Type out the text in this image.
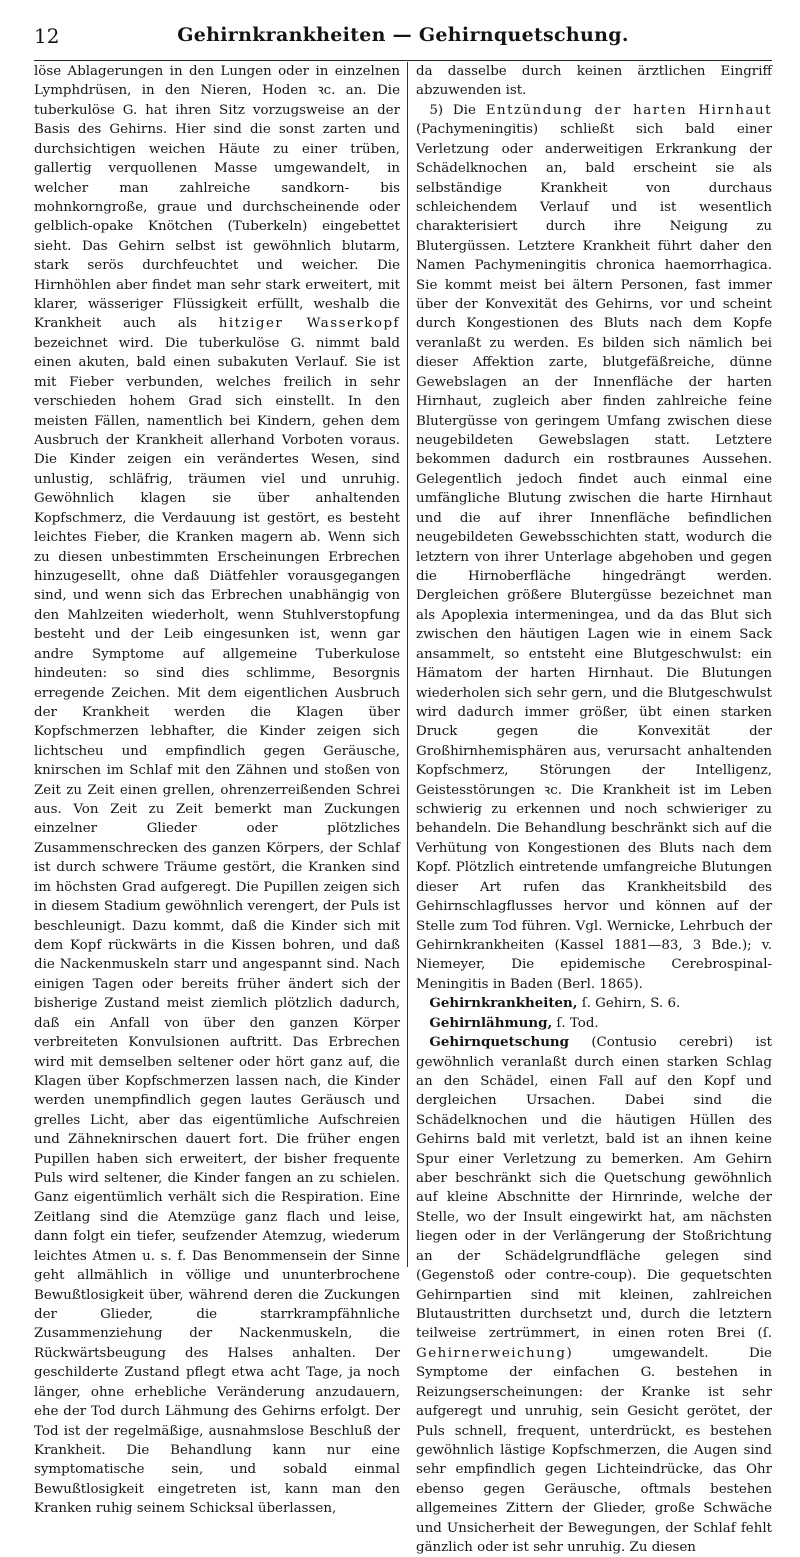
12	Gehirnkrankheiten — Gehirnquetschung.

löse Ablagerungen in den Lungen oder in einzelnen Lymphdrüsen, in den Nieren, Hoden ꝛc. an. Die tuberkulöse G. hat ihren Sitz vorzugsweise an der Basis des Gehirns. Hier sind die sonst zarten und durchsichtigen weichen Häute zu einer trüben, gallertig verquollenen Masse umgewandelt, in welcher man zahlreiche sandkorn- bis mohnkorngroße, graue und durchscheinende oder gelblich-opake Knötchen (Tuberkeln) eingebettet sieht. Das Gehirn selbst ist gewöhnlich blutarm, stark serös durchfeuchtet und weicher. Die Hirnhöhlen aber findet man sehr stark erweitert, mit klarer, wässeriger Flüssigkeit erfüllt, weshalb die Krankheit auch als hitziger Wasserkopf bezeichnet wird. Die tuberkulöse G. nimmt bald einen akuten, bald einen subakuten Verlauf. Sie ist mit Fieber verbunden, welches freilich in sehr verschieden hohem Grad sich einstellt. In den meisten Fällen, namentlich bei Kindern, gehen dem Ausbruch der Krankheit allerhand Vorboten voraus. Die Kinder zeigen ein verändertes Wesen, sind unlustig, schläfrig, träumen viel und unruhig. Gewöhnlich klagen sie über anhaltenden Kopfschmerz, die Verdauung ist gestört, es besteht leichtes Fieber, die Kranken magern ab. Wenn sich zu diesen unbestimmten Erscheinungen Erbrechen hinzugesellt, ohne daß Diätfehler vorausgegangen sind, und wenn sich das Erbrechen unabhängig von den Mahlzeiten wiederholt, wenn Stuhlverstopfung besteht und der Leib eingesunken ist, wenn gar andre Symptome auf allgemeine Tuberkulose hindeuten: so sind dies schlimme, Besorgnis erregende Zeichen. Mit dem eigentlichen Ausbruch der Krankheit werden die Klagen über Kopfschmerzen lebhafter, die Kinder zeigen sich lichtscheu und empfindlich gegen Geräusche, knirschen im Schlaf mit den Zähnen und stoßen von Zeit zu Zeit einen grellen, ohrenzerreißenden Schrei aus. Von Zeit zu Zeit bemerkt man Zuckungen einzelner Glieder oder plötzliches Zusammenschrecken des ganzen Körpers, der Schlaf ist durch schwere Träume gestört, die Kranken sind im höchsten Grad aufgeregt. Die Pupillen zeigen sich in diesem Stadium gewöhnlich verengert, der Puls ist beschleunigt. Dazu kommt, daß die Kinder sich mit dem Kopf rückwärts in die Kissen bohren, und daß die Nackenmuskeln starr und angespannt sind. Nach einigen Tagen oder bereits früher ändert sich der bisherige Zustand meist ziemlich plötzlich dadurch, daß ein Anfall von über den ganzen Körper verbreiteten Konvulsionen auftritt. Das Erbrechen wird mit demselben seltener oder hört ganz auf, die Klagen über Kopfschmerzen lassen nach, die Kinder werden unempfindlich gegen lautes Geräusch und grelles Licht, aber das eigentümliche Aufschreien und Zähneknirschen dauert fort. Die früher engen Pupillen haben sich erweitert, der bisher frequente Puls wird seltener, die Kinder fangen an zu schielen. Ganz eigentümlich verhält sich die Respiration. Eine Zeitlang sind die Atemzüge ganz flach und leise, dann folgt ein tiefer, seufzender Atemzug, wiederum leichtes Atmen u. s. f. Das Benommensein der Sinne geht allmählich in völlige und ununterbrochene Bewußtlosigkeit über, während deren die Zuckungen der Glieder, die starrkrampfähnliche Zusammenziehung der Nackenmuskeln, die Rückwärtsbeugung des Halses anhalten. Der geschilderte Zustand pflegt etwa acht Tage, ja noch länger, ohne erhebliche Veränderung anzudauern, ehe der Tod durch Lähmung des Gehirns erfolgt. Der Tod ist der regelmäßige, ausnahmslose Beschluß der Krankheit. Die Behandlung kann nur eine symptomatische sein, und sobald einmal Bewußtlosigkeit eingetreten ist, kann man den Kranken ruhig seinem Schicksal überlassen,

da dasselbe durch keinen ärztlichen Eingriff abzuwenden ist.

5) Die Entzündung der harten Hirnhaut (Pachymeningitis) schließt sich bald einer Verletzung oder anderweitigen Erkrankung der Schädelknochen an, bald erscheint sie als selbständige Krankheit von durchaus schleichendem Verlauf und ist wesentlich charakterisiert durch ihre Neigung zu Blutergüssen. Letztere Krankheit führt daher den Namen Pachymeningitis chronica haemorrhagica. Sie kommt meist bei ältern Personen, fast immer über der Konvexität des Gehirns, vor und scheint durch Kongestionen des Bluts nach dem Kopfe veranlaßt zu werden. Es bilden sich nämlich bei dieser Affektion zarte, blutgefäßreiche, dünne Gewebslagen an der Innenfläche der harten Hirnhaut, zugleich aber finden zahlreiche feine Blutergüsse von geringem Umfang zwischen diese neugebildeten Gewebslagen statt. Letztere bekommen dadurch ein rostbraunes Aussehen. Gelegentlich jedoch findet auch einmal eine umfängliche Blutung zwischen die harte Hirnhaut und die auf ihrer Innenfläche befindlichen neugebildeten Gewebsschichten statt, wodurch die letztern von ihrer Unterlage abgehoben und gegen die Hirnoberfläche hingedrängt werden. Dergleichen größere Blutergüsse bezeichnet man als Apoplexia intermeningea, und da das Blut sich zwischen den häutigen Lagen wie in einem Sack ansammelt, so entsteht eine Blutgeschwulst: ein Hämatom der harten Hirnhaut. Die Blutungen wiederholen sich sehr gern, und die Blutgeschwulst wird dadurch immer größer, übt einen starken Druck gegen die Konvexität der Großhirnhemisphären aus, verursacht anhaltenden Kopfschmerz, Störungen der Intelligenz, Geistesstörungen ꝛc. Die Krankheit ist im Leben schwierig zu erkennen und noch schwieriger zu behandeln. Die Behandlung beschränkt sich auf die Verhütung von Kongestionen des Bluts nach dem Kopf. Plötzlich eintretende umfangreiche Blutungen dieser Art rufen das Krankheitsbild des Gehirnschlagflusses hervor und können auf der Stelle zum Tod führen. Vgl. Wernicke, Lehrbuch der Gehirnkrankheiten (Kassel 1881—83, 3 Bde.); v. Niemeyer, Die epidemische Cerebrospinal-Meningitis in Baden (Berl. 1865).

Gehirnkrankheiten, ſ. Gehirn, S. 6.

Gehirnlähmung, ſ. Tod.

Gehirnquetschung (Contusio cerebri) ist gewöhnlich veranlaßt durch einen starken Schlag an den Schädel, einen Fall auf den Kopf und dergleichen Ursachen. Dabei sind die Schädelknochen und die häutigen Hüllen des Gehirns bald mit verletzt, bald ist an ihnen keine Spur einer Verletzung zu bemerken. Am Gehirn aber beschränkt sich die Quetschung gewöhnlich auf kleine Abschnitte der Hirnrinde, welche der Stelle, wo der Insult eingewirkt hat, am nächsten liegen oder in der Verlängerung der Stoßrichtung an der Schädelgrundfläche gelegen sind (Gegenstoß oder contre-coup). Die gequetschten Gehirnpartien sind mit kleinen, zahlreichen Blutaustritten durchsetzt und, durch die letztern teilweise zertrümmert, in einen roten Brei (ſ. Gehirnerweichung) umgewandelt. Die Symptome der einfachen G. bestehen in Reizungserscheinungen: der Kranke ist sehr aufgeregt und unruhig, sein Gesicht gerötet, der Puls schnell, frequent, unterdrückt, es bestehen gewöhnlich lästige Kopfschmerzen, die Augen sind sehr empfindlich gegen Lichteindrücke, das Ohr ebenso gegen Geräusche, oftmals bestehen allgemeines Zittern der Glieder, große Schwäche und Unsicherheit der Bewegungen, der Schlaf fehlt gänzlich oder ist sehr unruhig. Zu diesen
